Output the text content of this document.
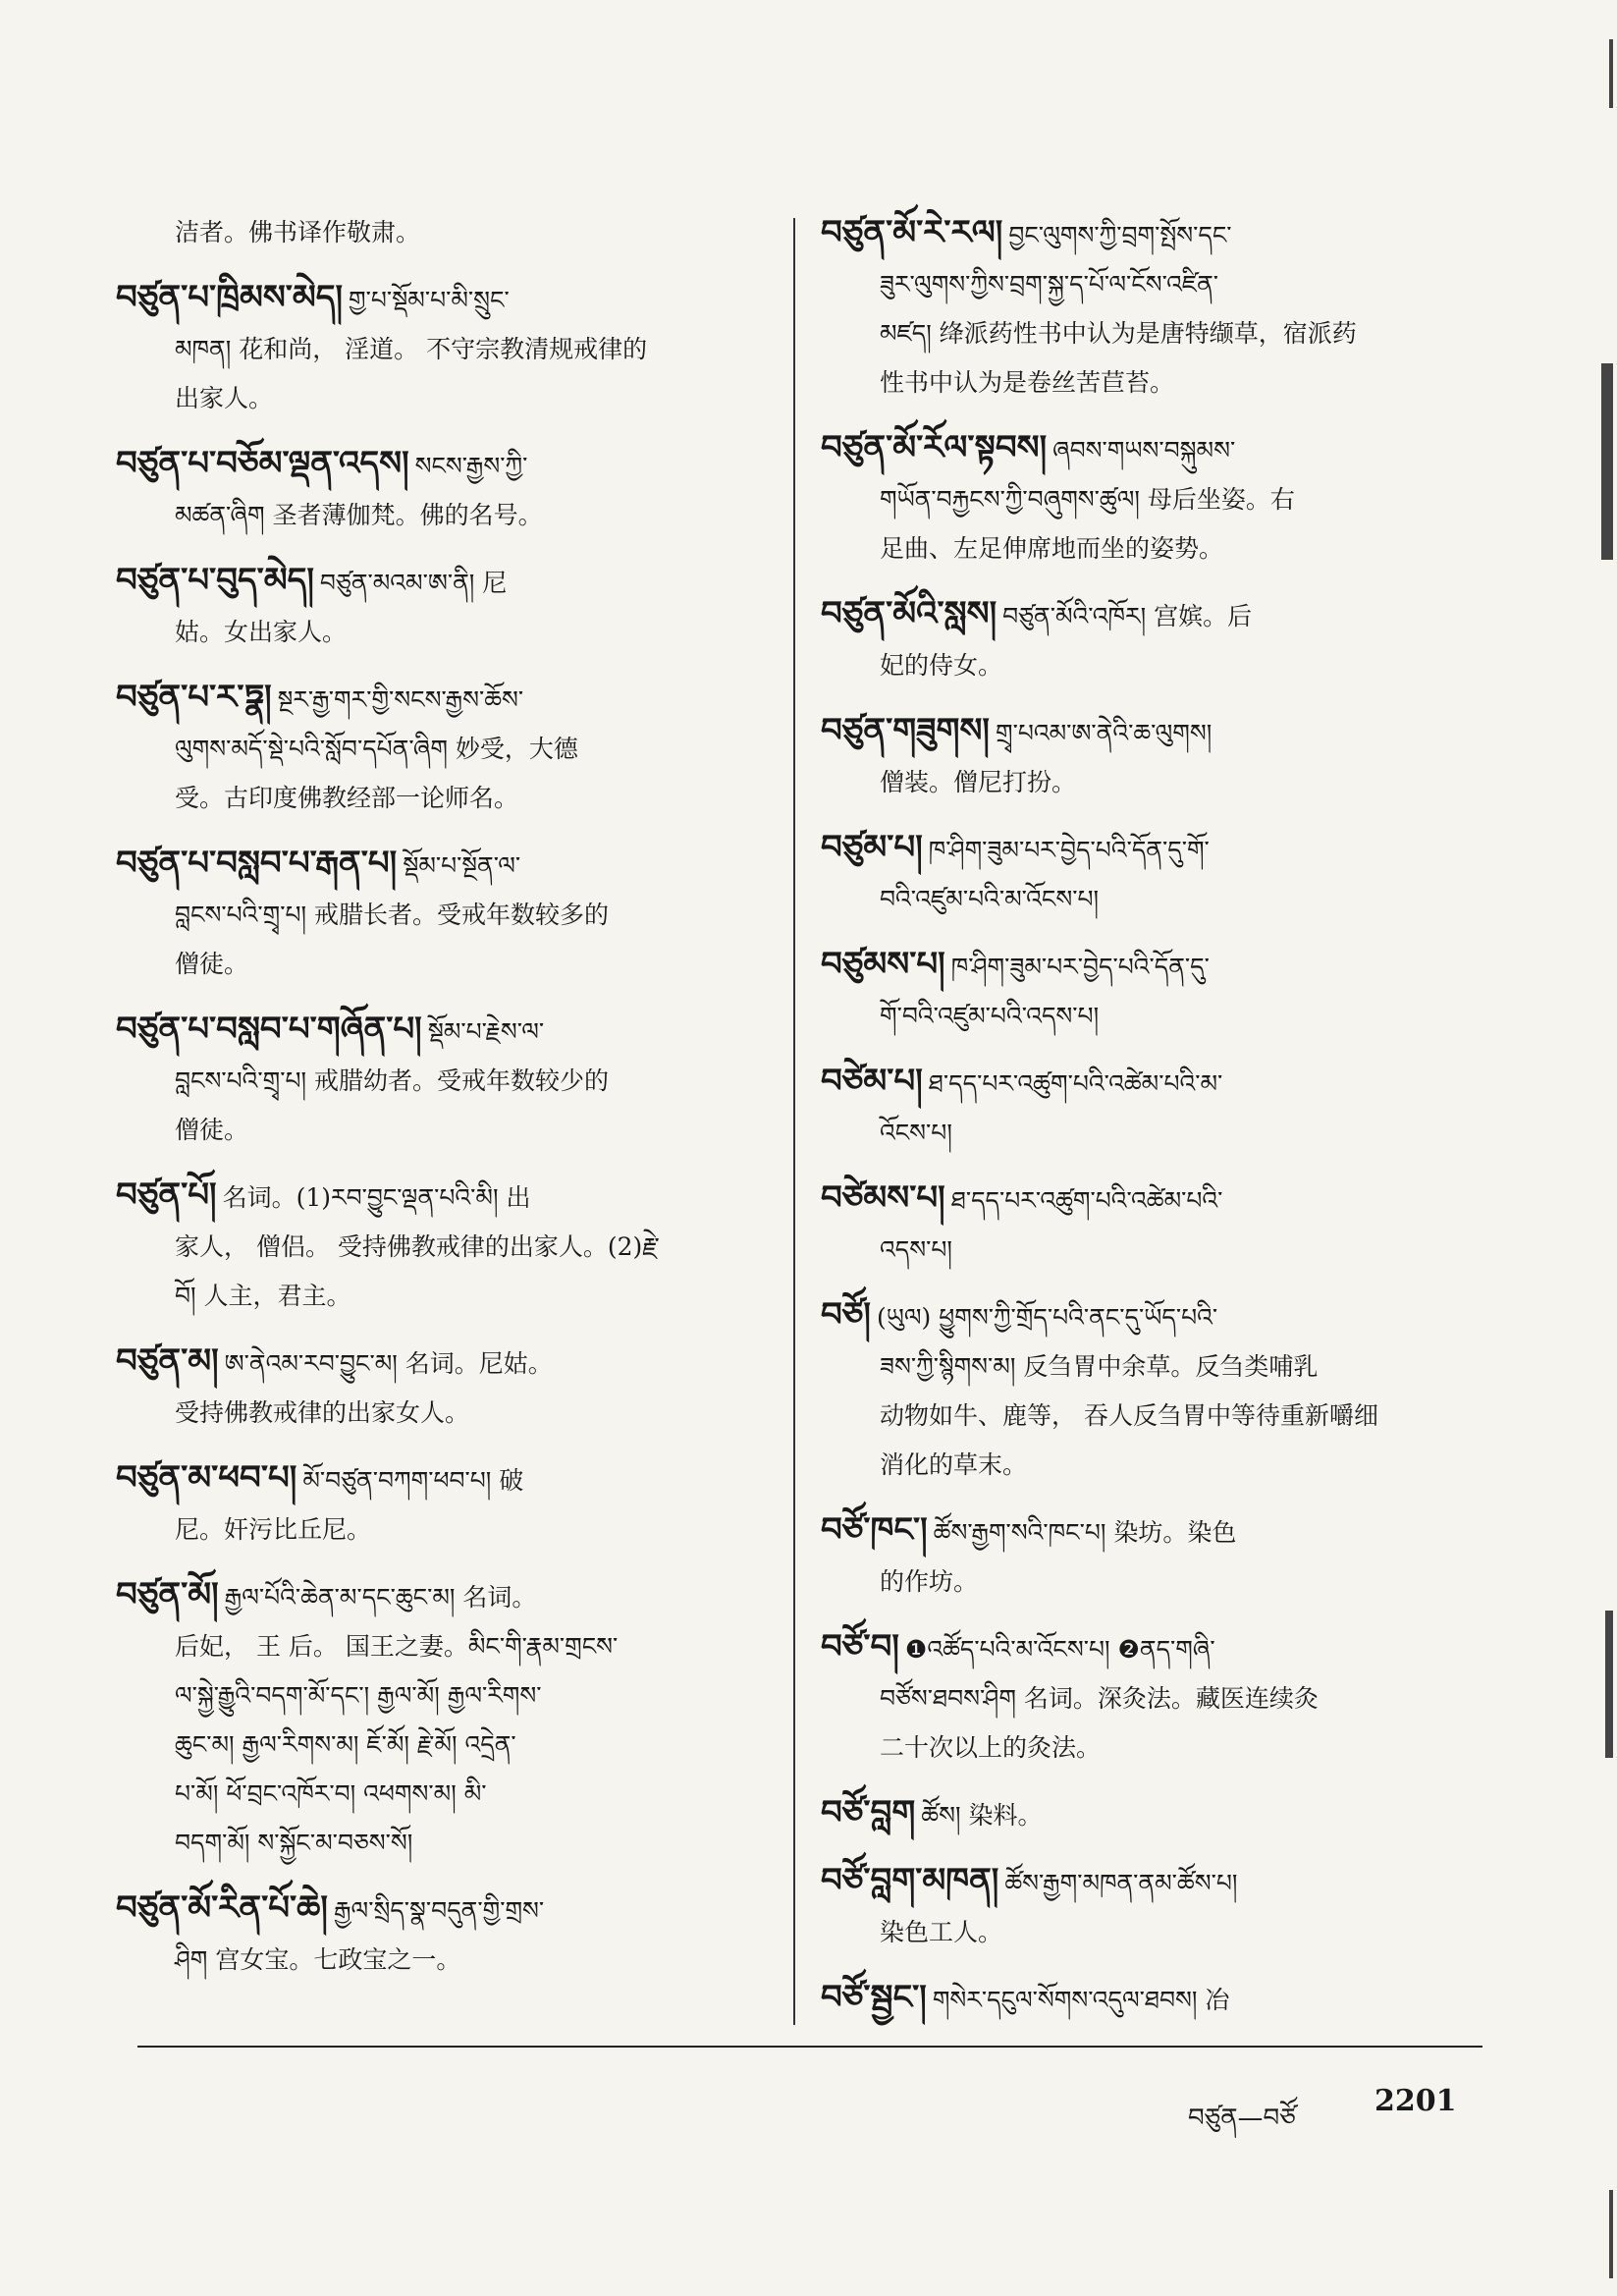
洁者。佛书译作敬肃。
བཙུན་པ་ཁྲིམས་མེད། གྱ་པ་སྡོམ་པ་མི་སྲུང་
མཁན། 花和尚， 淫道。 不守宗教清规戒律的
出家人。
བཙུན་པ་བཅོམ་ལྡན་འདས། སངས་རྒྱས་ཀྱི་
མཚན་ཞིག 圣者薄伽梵。佛的名号。
བཙུན་པ་བུད་མེད། བཙུན་མའམ་ཨ་ནི། 尼
姑。女出家人。
བཙུན་པ་ར་ཏྣ། སྔར་རྒྱ་གར་གྱི་སངས་རྒྱས་ཆོས་
ལུགས་མདོ་སྡེ་པའི་སློབ་དཔོན་ཞིག 妙受，大德
受。古印度佛教经部一论师名。
བཙུན་པ་བསླབ་པ་རྒན་པ། སྡོམ་པ་སྔོན་ལ་
བླངས་པའི་གྲྭ་པ། 戒腊长者。受戒年数较多的
僧徒。
བཙུན་པ་བསླབ་པ་གཞོན་པ། སྡོམ་པ་རྗེས་ལ་
བླངས་པའི་གྲྭ་པ། 戒腊幼者。受戒年数较少的
僧徒。
བཙུན་པོ། 名词。(1)རབ་བྱུང་ལྡན་པའི་མི། 出
家人， 僧侣。 受持佛教戒律的出家人。(2)རྗེ་
བོ། 人主，君主。
བཙུན་མ། ཨ་ནེའམ་རབ་བྱུང་མ། 名词。尼姑。
受持佛教戒律的出家女人。
བཙུན་མ་ཕབ་པ། མོ་བཙུན་བཀག་ཕབ་པ། 破
尼。奸污比丘尼。
བཙུན་མོ། རྒྱལ་པོའི་ཆེན་མ་དང་ཆུང་མ། 名词。
后妃， 王 后。 国王之妻。མིང་གི་རྣམ་གྲངས་
ལ་སྐྱེ་རྒྱུའི་བདག་མོ་དང་། རྒྱལ་མོ། རྒྱལ་རིགས་
ཆུང་མ། རྒྱལ་རིགས་མ། ཇོ་མོ། རྗེ་མོ། འདྲེན་
པ་མོ། ཕོ་བྲང་འཁོར་བ། འཕགས་མ། མི་
བདག་མོ། ས་སྐྱོང་མ་བཅས་སོ།
བཙུན་མོ་རིན་པོ་ཆེ། རྒྱལ་སྲིད་སྣ་བདུན་གྱི་གྲས་
ཤིག 宫女宝。七政宝之一。
བཙུན་མོ་རེ་རལ། བྱང་ལུགས་ཀྱི་བྲག་སྤོས་དང་
ཟུར་ལུགས་ཀྱིས་བྲག་སྐྱ་ད་པོ་ལ་ངོས་འཛིན་
མཛད། 绛派药性书中认为是唐特缬草，宿派药
性书中认为是卷丝苦苣苔。
བཙུན་མོ་རོལ་སྟབས། ཞབས་གཡས་བསྐུམས་
གཡོན་བརྐྱངས་ཀྱི་བཞུགས་ཚུལ། 母后坐姿。右
足曲、左足伸席地而坐的姿势。
བཙུན་མོའི་སླས། བཙུན་མོའི་འཁོར། 宫嫔。后
妃的侍女。
བཙུན་གཟུགས། གྲྭ་པའམ་ཨ་ནེའི་ཆ་ལུགས།
僧装。僧尼打扮。
བཙུམ་པ། ཁ་ཤིག་ཟུམ་པར་བྱེད་པའི་དོན་དུ་གོ་
བའི་འཛུམ་པའི་མ་འོངས་པ།
བཙུམས་པ། ཁ་ཤིག་ཟུམ་པར་བྱེད་པའི་དོན་དུ་
གོ་བའི་འཛུམ་པའི་འདས་པ།
བཙེམ་པ། ཐ་དད་པར་འཚུག་པའི་འཚེམ་པའི་མ་
འོངས་པ།
བཙེམས་པ། ཐ་དད་པར་འཚུག་པའི་འཚེམ་པའི་
འདས་པ།
བཙོ། (ཡུལ) ཕྱུགས་ཀྱི་གྲོད་པའི་ནང་དུ་ཡོད་པའི་
ཟས་ཀྱི་སྙིགས་མ། 反刍胃中余草。反刍类哺乳
动物如牛、鹿等， 吞人反刍胃中等待重新嚼细
消化的草末。
བཙོ་ཁང་། ཚོས་རྒྱག་སའི་ཁང་པ། 染坊。染色
的作坊。
བཙོ་བ། ❶འཚོད་པའི་མ་འོངས་པ། ❷ནད་གཞི་
བཙོས་ཐབས་ཤིག 名词。深灸法。藏医连续灸
二十次以上的灸法。
བཙོ་བླག ཚོས། 染料。
བཙོ་བླག་མཁན། ཚོས་རྒྱག་མཁན་ནམ་ཚོས་པ།
染色工人。
བཙོ་སྦྱང་། གསེར་དངུལ་སོགས་འདུལ་ཐབས། 冶
བཙུན—བཙོ	2201
